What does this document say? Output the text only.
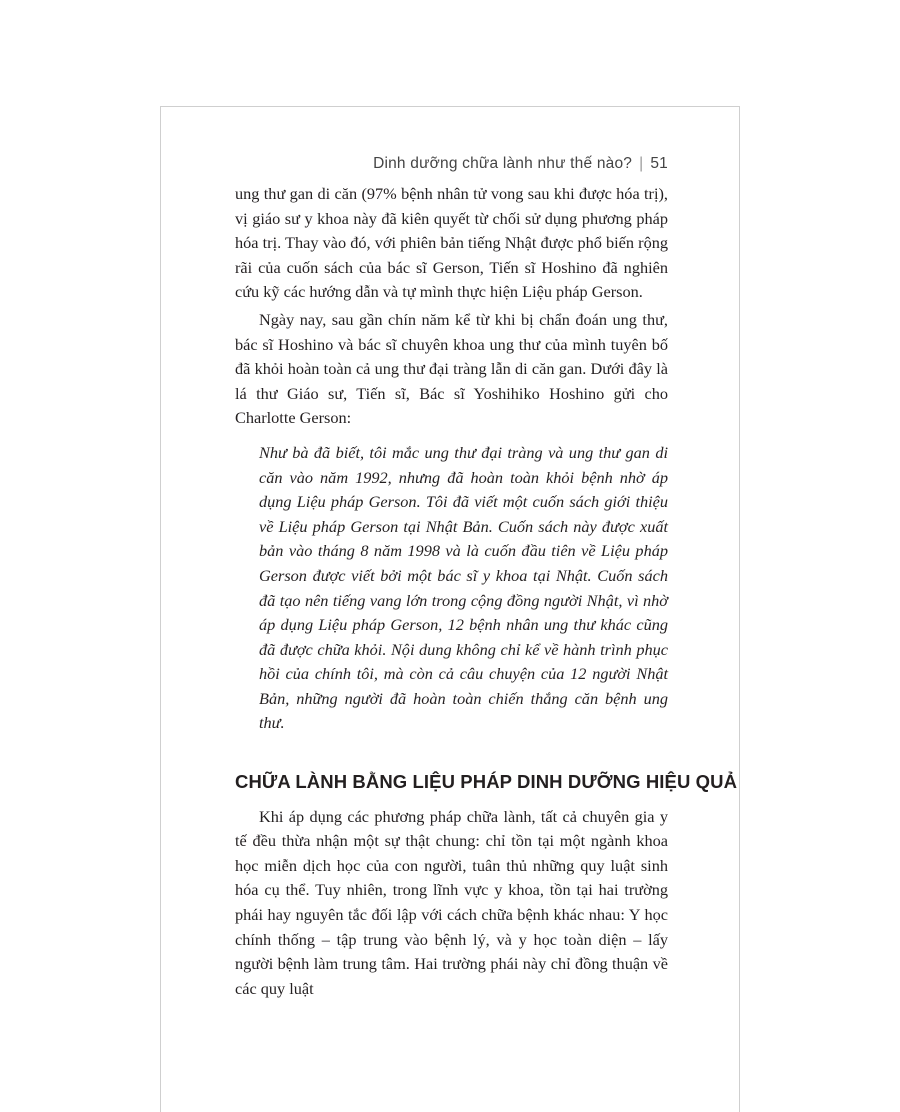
Dinh dưỡng chữa lành như thế nào? | 51

ung thư gan di căn (97% bệnh nhân tử vong sau khi được hóa trị), vị giáo sư y khoa này đã kiên quyết từ chối sử dụng phương pháp hóa trị. Thay vào đó, với phiên bản tiếng Nhật được phổ biến rộng rãi của cuốn sách của bác sĩ Gerson, Tiến sĩ Hoshino đã nghiên cứu kỹ các hướng dẫn và tự mình thực hiện Liệu pháp Gerson.

Ngày nay, sau gần chín năm kể từ khi bị chẩn đoán ung thư, bác sĩ Hoshino và bác sĩ chuyên khoa ung thư của mình tuyên bố đã khỏi hoàn toàn cả ung thư đại tràng lẫn di căn gan. Dưới đây là lá thư Giáo sư, Tiến sĩ, Bác sĩ Yoshihiko Hoshino gửi cho Charlotte Gerson:

Như bà đã biết, tôi mắc ung thư đại tràng và ung thư gan di căn vào năm 1992, nhưng đã hoàn toàn khỏi bệnh nhờ áp dụng Liệu pháp Gerson. Tôi đã viết một cuốn sách giới thiệu về Liệu pháp Gerson tại Nhật Bản. Cuốn sách này được xuất bản vào tháng 8 năm 1998 và là cuốn đầu tiên về Liệu pháp Gerson được viết bởi một bác sĩ y khoa tại Nhật. Cuốn sách đã tạo nên tiếng vang lớn trong cộng đồng người Nhật, vì nhờ áp dụng Liệu pháp Gerson, 12 bệnh nhân ung thư khác cũng đã được chữa khỏi. Nội dung không chỉ kể về hành trình phục hồi của chính tôi, mà còn cả câu chuyện của 12 người Nhật Bản, những người đã hoàn toàn chiến thắng căn bệnh ung thư.
CHỮA LÀNH BẰNG LIỆU PHÁP DINH DƯỠNG HIỆU QUẢ

Khi áp dụng các phương pháp chữa lành, tất cả chuyên gia y tế đều thừa nhận một sự thật chung: chỉ tồn tại một ngành khoa học miễn dịch học của con người, tuân thủ những quy luật sinh hóa cụ thể. Tuy nhiên, trong lĩnh vực y khoa, tồn tại hai trường phái hay nguyên tắc đối lập với cách chữa bệnh khác nhau: Y học chính thống – tập trung vào bệnh lý, và y học toàn diện – lấy người bệnh làm trung tâm. Hai trường phái này chỉ đồng thuận về các quy luật
